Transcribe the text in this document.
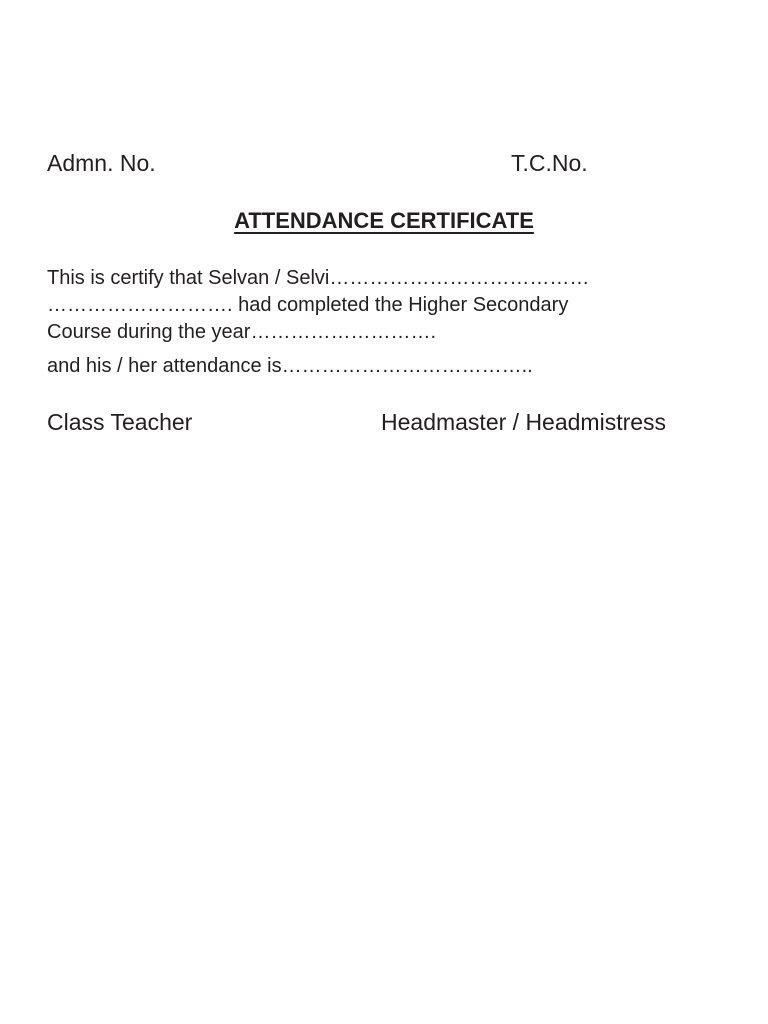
Admn. No.	T.C.No.
ATTENDANCE CERTIFICATE
This is certify that Selvan / Selvi…………………………………
………………………. had completed the Higher Secondary
Course during the year……………………….
and his / her attendance is………………………………..
Class Teacher	Headmaster / Headmistress
